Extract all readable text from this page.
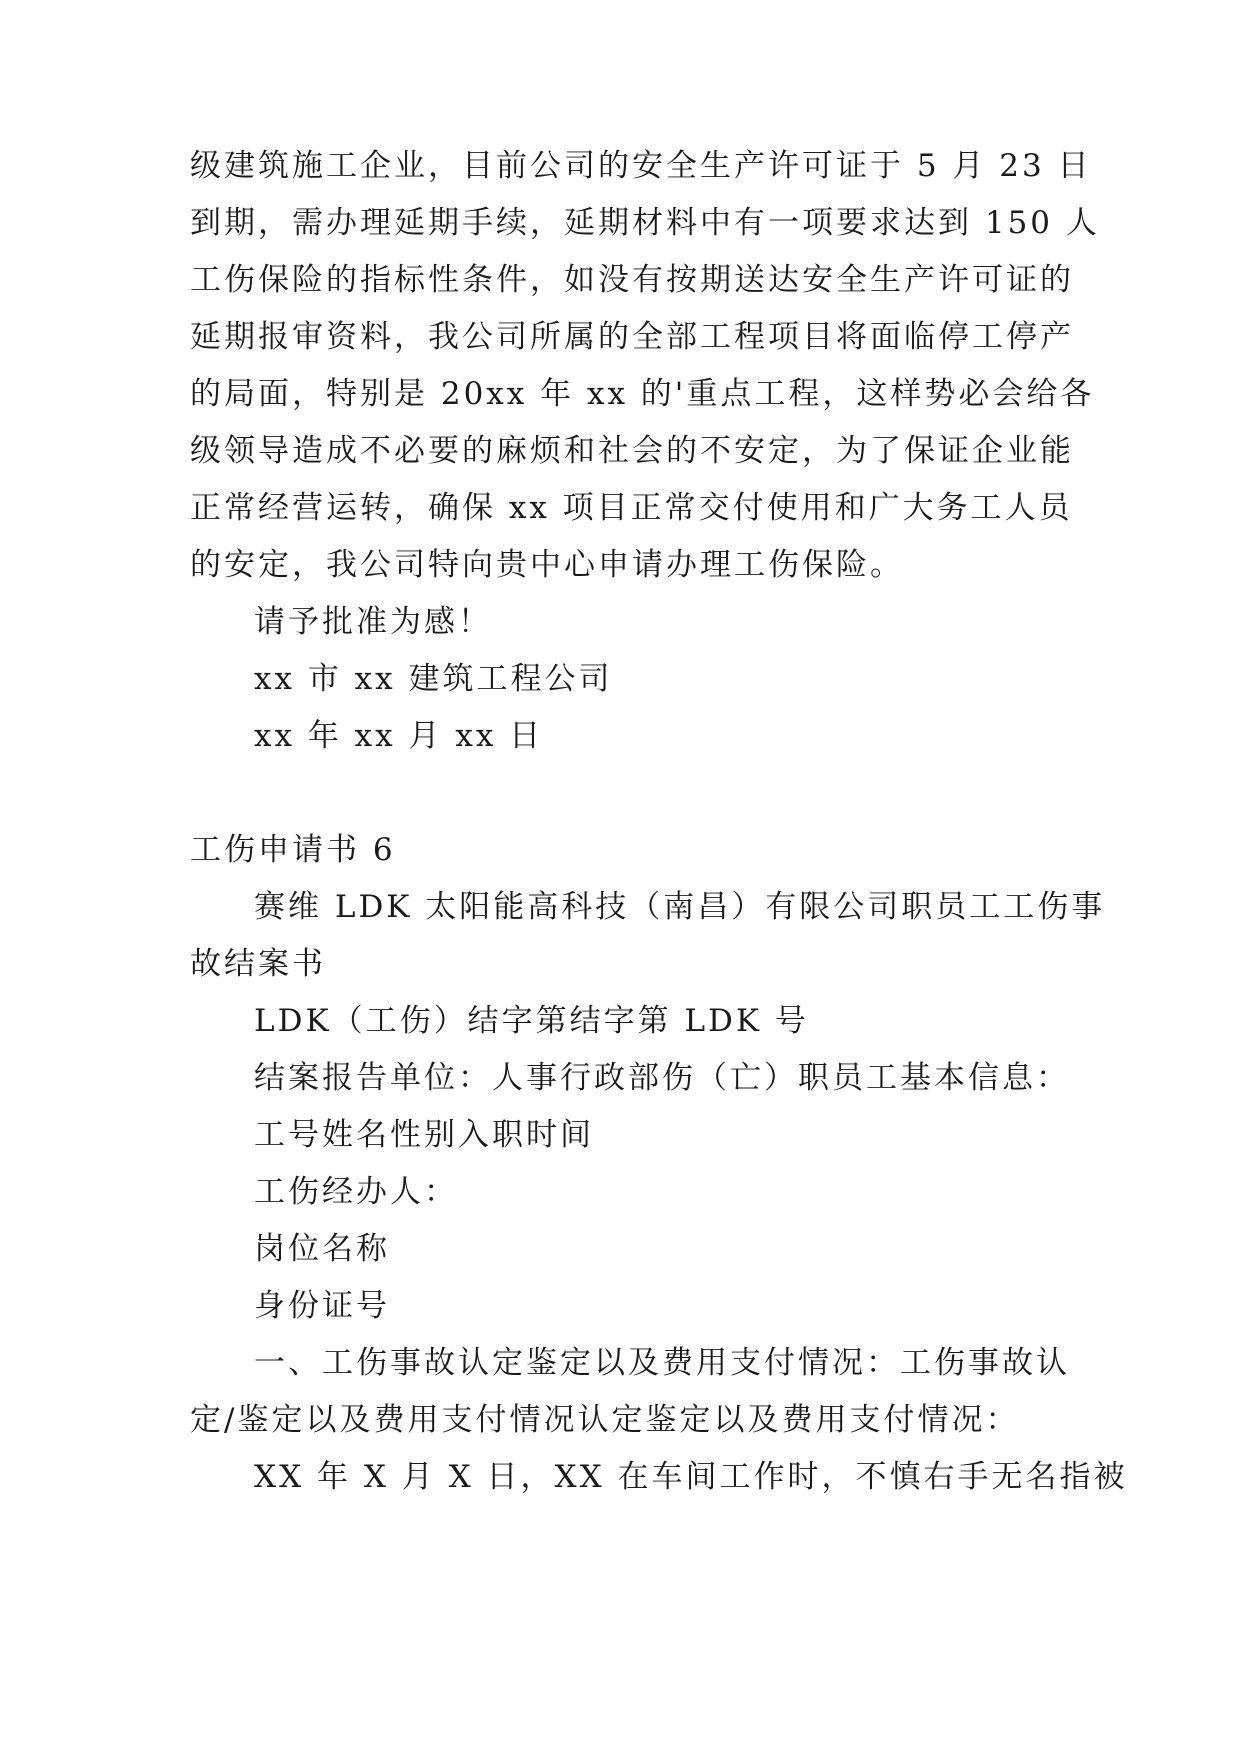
级建筑施工企业，目前公司的安全生产许可证于 5 月 23 日
到期，需办理延期手续，延期材料中有一项要求达到 150 人
工伤保险的指标性条件，如没有按期送达安全生产许可证的
延期报审资料，我公司所属的全部工程项目将面临停工停产
的局面，特别是 20xx 年 xx 的'重点工程，这样势必会给各
级领导造成不必要的麻烦和社会的不安定，为了保证企业能
正常经营运转，确保 xx 项目正常交付使用和广大务工人员
的安定，我公司特向贵中心申请办理工伤保险。
请予批准为感！
xx 市 xx 建筑工程公司
xx 年 xx 月 xx 日
工伤申请书 6
赛维 LDK 太阳能高科技（南昌）有限公司职员工工伤事
故结案书
LDK（工伤）结字第结字第 LDK 号
结案报告单位：人事行政部伤（亡）职员工基本信息：
工号姓名性别入职时间
工伤经办人：
岗位名称
身份证号
一、工伤事故认定鉴定以及费用支付情况：工伤事故认
定/鉴定以及费用支付情况认定鉴定以及费用支付情况：
XX 年 X 月 X 日，XX 在车间工作时，不慎右手无名指被
